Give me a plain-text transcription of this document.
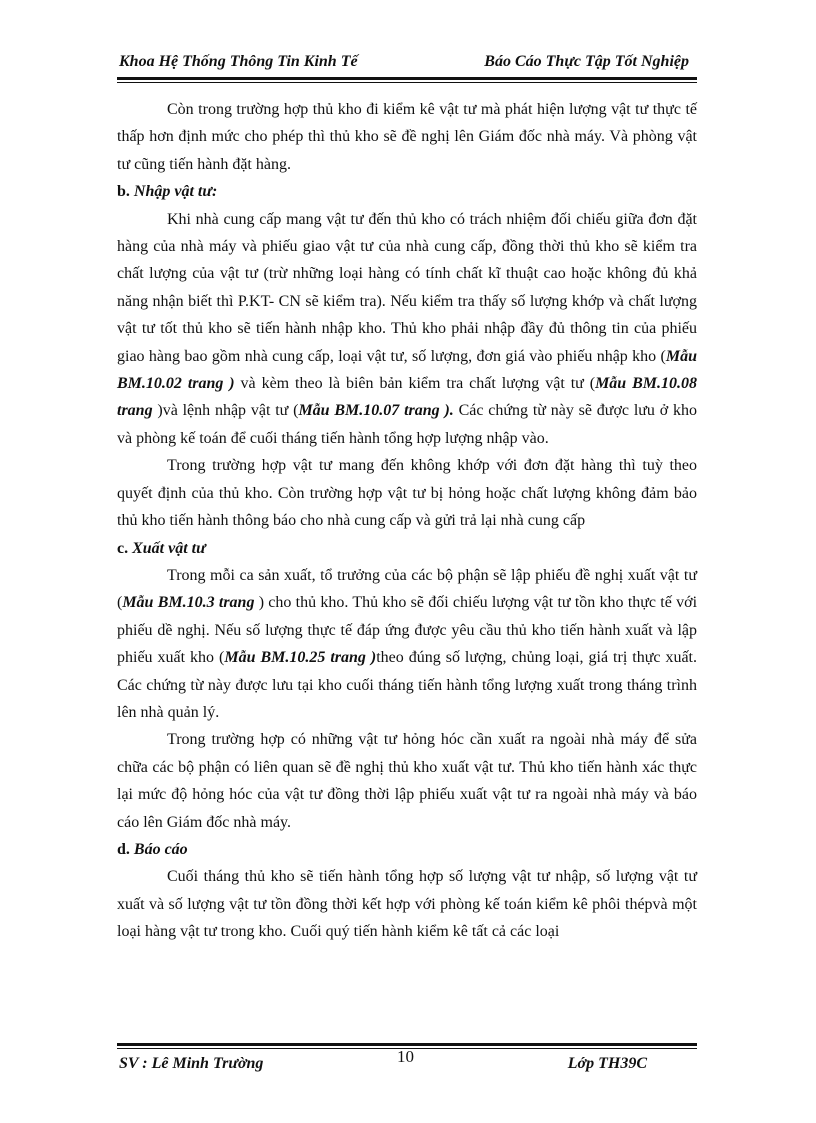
Khoa Hệ Thống Thông Tin Kinh Tế	Báo Cáo Thực Tập Tốt Nghiệp

Còn trong trường hợp thủ kho đi kiểm kê vật tư mà phát hiện lượng vật tư thực tế thấp hơn định mức cho phép thì thủ kho sẽ đề nghị lên Giám đốc nhà máy. Và phòng vật tư cũng tiến hành đặt hàng.

b. Nhập vật tư:

Khi nhà cung cấp mang vật tư đến thủ kho có trách nhiệm đối chiếu giữa đơn đặt hàng của nhà máy và phiếu giao vật tư của nhà cung cấp, đồng thời thủ kho sẽ kiểm tra chất lượng của vật tư (trừ những loại hàng có tính chất kĩ thuật cao hoặc không đủ khả năng nhận biết thì P.KT- CN sẽ kiểm tra). Nếu kiểm tra thấy số lượng khớp và chất lượng vật tư tốt thủ kho sẽ tiến hành nhập kho. Thủ kho phải nhập đầy đủ thông tin của phiếu giao hàng bao gồm nhà cung cấp, loại vật tư, số lượng, đơn giá vào phiếu nhập kho (Mẫu BM.10.02 trang ) và kèm theo là biên bản kiểm tra chất lượng vật tư (Mẫu BM.10.08 trang )và lệnh nhập vật tư (Mẫu BM.10.07 trang ). Các chứng từ này sẽ được lưu ở kho và phòng kế toán để cuối tháng tiến hành tổng hợp lượng nhập vào.

Trong trường hợp vật tư mang đến không khớp với đơn đặt hàng thì tuỳ theo quyết định của thủ kho. Còn trường hợp vật tư bị hỏng hoặc chất lượng không đảm bảo thủ kho tiến hành thông báo cho nhà cung cấp và gửi trả lại nhà cung cấp

c. Xuất vật tư

Trong mỗi ca sản xuất, tổ trưởng của các bộ phận sẽ lập phiếu đề nghị xuất vật tư (Mẫu BM.10.3 trang ) cho thủ kho. Thủ kho sẽ đối chiếu lượng vật tư tồn kho thực tế với phiếu dề nghị. Nếu số lượng thực tế đáp ứng được yêu cầu thủ kho tiến hành xuất và lập phiếu xuất kho (Mẫu BM.10.25 trang )theo đúng số lượng, chủng loại, giá trị thực xuất. Các chứng từ này được lưu tại kho cuối tháng tiến hành tổng lượng xuất trong tháng trình lên nhà quản lý.

Trong trường hợp có những vật tư hỏng hóc cần xuất ra ngoài nhà máy để sửa chữa các bộ phận có liên quan sẽ đề nghị thủ kho xuất vật tư. Thủ kho tiến hành xác thực lại mức độ hỏng hóc của vật tư đồng thời lập phiếu xuất vật tư ra ngoài nhà máy và báo cáo lên Giám đốc nhà máy.

d. Báo cáo

Cuối tháng thủ kho sẽ tiến hành tổng hợp số lượng vật tư nhập, số lượng vật tư xuất và số lượng vật tư tồn đồng thời kết hợp với phòng kế toán kiểm kê phôi thépvà một loại hàng vật tư trong kho. Cuối quý tiến hành kiểm kê tất cả các loại

SV : Lê Minh Trường	10	Lớp TH39C
